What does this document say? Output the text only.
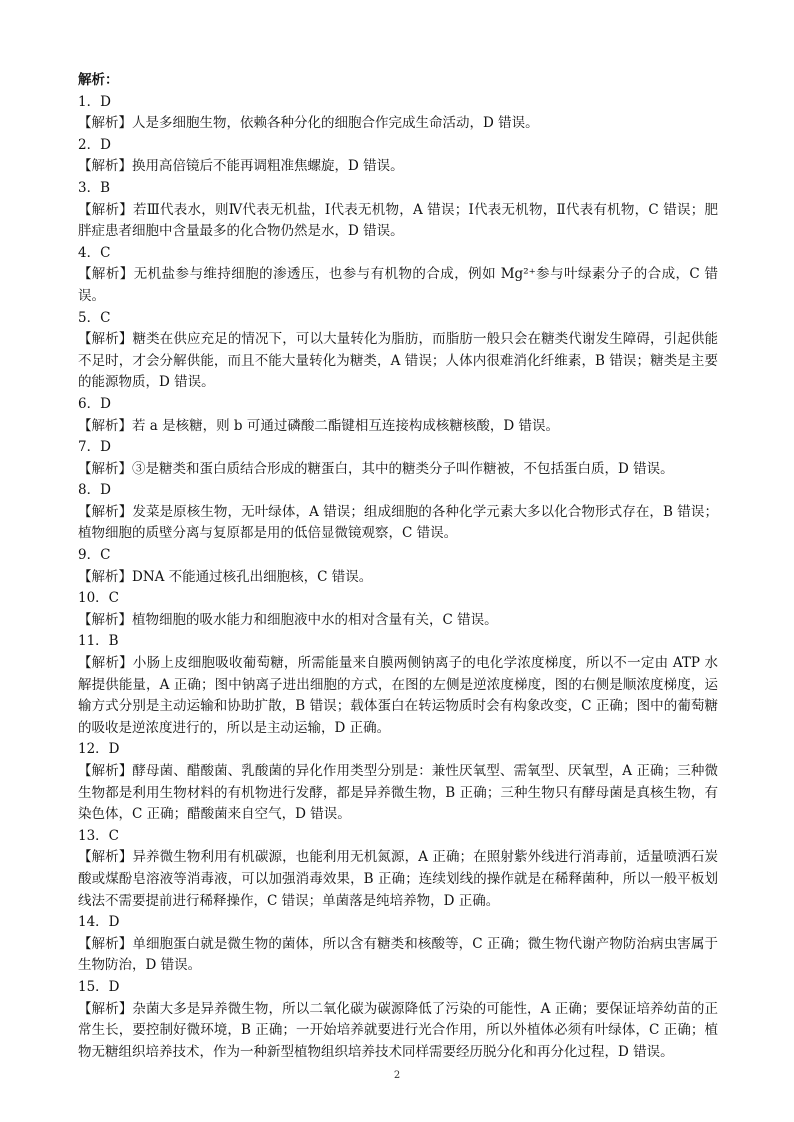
解析：
1．D
【解析】人是多细胞生物，依赖各种分化的细胞合作完成生命活动，D 错误。
2．D
【解析】换用高倍镜后不能再调粗准焦螺旋，D 错误。
3．B
【解析】若Ⅲ代表水，则Ⅳ代表无机盐，Ⅰ代表无机物，A 错误；Ⅰ代表无机物，Ⅱ代表有机物，C 错误；肥胖症患者细胞中含量最多的化合物仍然是水，D 错误。
4．C
【解析】无机盐参与维持细胞的渗透压，也参与有机物的合成，例如 Mg²⁺参与叶绿素分子的合成，C 错误。
5．C
【解析】糖类在供应充足的情况下，可以大量转化为脂肪，而脂肪一般只会在糖类代谢发生障碍，引起供能不足时，才会分解供能，而且不能大量转化为糖类，A 错误；人体内很难消化纤维素，B 错误；糖类是主要的能源物质，D 错误。
6．D
【解析】若 a 是核糖，则 b 可通过磷酸二酯键相互连接构成核糖核酸，D 错误。
7．D
【解析】③是糖类和蛋白质结合形成的糖蛋白，其中的糖类分子叫作糖被，不包括蛋白质，D 错误。
8．D
【解析】发菜是原核生物，无叶绿体，A 错误；组成细胞的各种化学元素大多以化合物形式存在，B 错误；植物细胞的质壁分离与复原都是用的低倍显微镜观察，C 错误。
9．C
【解析】DNA 不能通过核孔出细胞核，C 错误。
10．C
【解析】植物细胞的吸水能力和细胞液中水的相对含量有关，C 错误。
11．B
【解析】小肠上皮细胞吸收葡萄糖，所需能量来自膜两侧钠离子的电化学浓度梯度，所以不一定由 ATP 水解提供能量，A 正确；图中钠离子进出细胞的方式，在图的左侧是逆浓度梯度，图的右侧是顺浓度梯度，运输方式分别是主动运输和协助扩散，B 错误；载体蛋白在转运物质时会有构象改变，C 正确；图中的葡萄糖的吸收是逆浓度进行的，所以是主动运输，D 正确。
12．D
【解析】酵母菌、醋酸菌、乳酸菌的异化作用类型分别是：兼性厌氧型、需氧型、厌氧型，A 正确；三种微生物都是利用生物材料的有机物进行发酵，都是异养微生物，B 正确；三种生物只有酵母菌是真核生物，有染色体，C 正确；醋酸菌来自空气，D 错误。
13．C
【解析】异养微生物利用有机碳源，也能利用无机氮源，A 正确；在照射紫外线进行消毒前，适量喷洒石炭酸或煤酚皂溶液等消毒液，可以加强消毒效果，B 正确；连续划线的操作就是在稀释菌种，所以一般平板划线法不需要提前进行稀释操作，C 错误；单菌落是纯培养物，D 正确。
14．D
【解析】单细胞蛋白就是微生物的菌体，所以含有糖类和核酸等，C 正确；微生物代谢产物防治病虫害属于生物防治，D 错误。
15．D
【解析】杂菌大多是异养微生物，所以二氧化碳为碳源降低了污染的可能性，A 正确；要保证培养幼苗的正常生长，要控制好微环境，B 正确；一开始培养就要进行光合作用，所以外植体必须有叶绿体，C 正确；植物无糖组织培养技术，作为一种新型植物组织培养技术同样需要经历脱分化和再分化过程，D 错误。
2
